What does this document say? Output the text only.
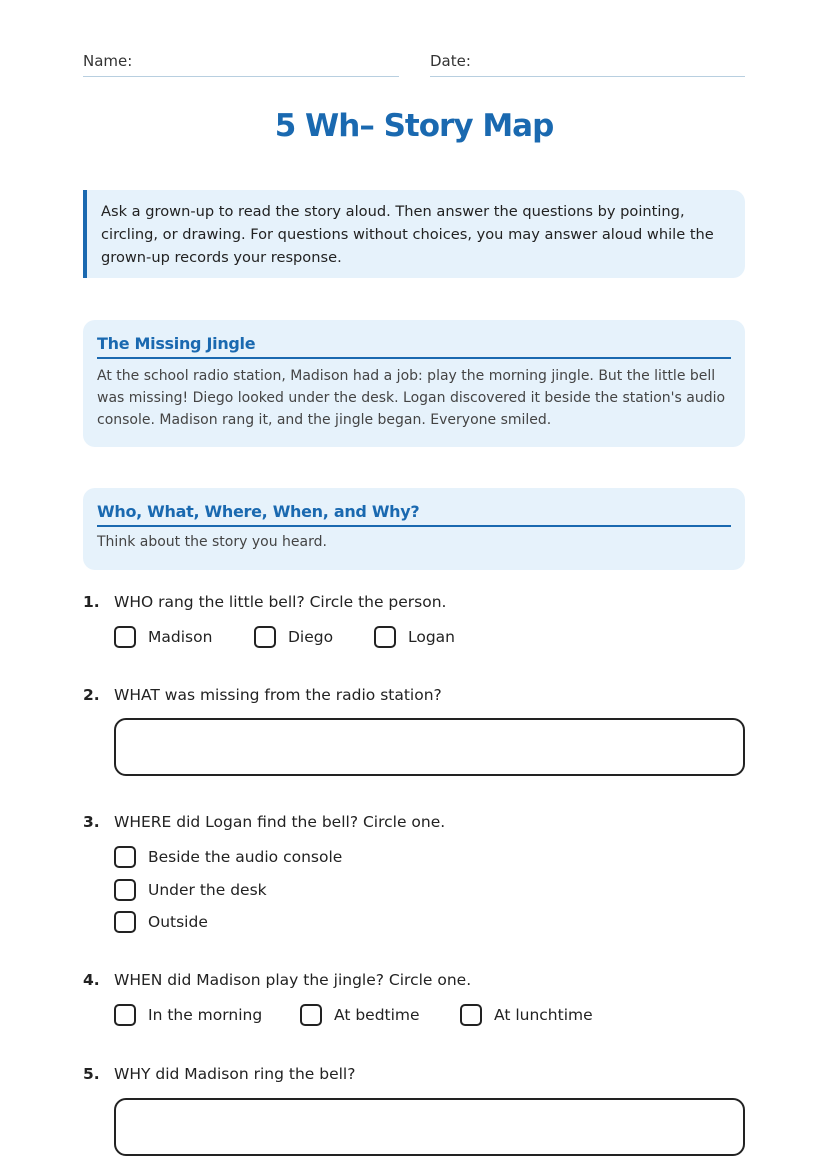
Name:	Date:
5 Wh– Story Map
Ask a grown-up to read the story aloud. Then answer the questions by pointing, circling, or drawing. For questions without choices, you may answer aloud while the grown-up records your response.
The Missing Jingle
At the school radio station, Madison had a job: play the morning jingle. But the little bell was missing! Diego looked under the desk. Logan discovered it beside the station's audio console. Madison rang it, and the jingle began. Everyone smiled.
Who, What, Where, When, and Why?
Think about the story you heard.
1. WHO rang the little bell? Circle the person.
Madison	Diego	Logan
2. WHAT was missing from the radio station?
3. WHERE did Logan find the bell? Circle one.
Beside the audio console
Under the desk
Outside
4. WHEN did Madison play the jingle? Circle one.
In the morning	At bedtime	At lunchtime
5. WHY did Madison ring the bell?
